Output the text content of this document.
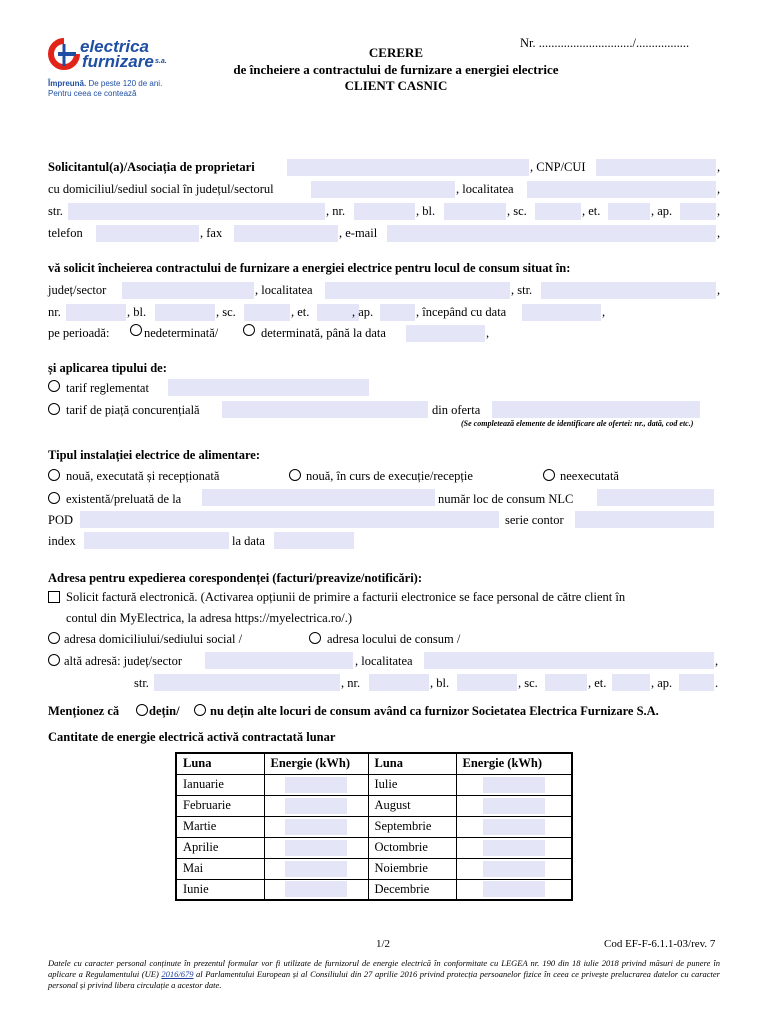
electrica
furnizare s.a.
Împreună. De peste 120 de ani.
Pentru ceea ce contează
Nr. ............................../.................
CERERE
de încheiere a contractului de furnizare a energiei electrice
CLIENT CASNIC
Solicitantul(a)/Asociația de proprietari	, CNP/CUI	,
cu domiciliul/sediul social în județul/sectorul	, localitatea	,
str.	, nr.	, bl.	, sc.	, et.	, ap.	,
telefon	, fax	, e-mail	,
vă solicit încheierea contractului de furnizare a energiei electrice pentru locul de consum situat în:
județ/sector	, localitatea	, str.	,
nr.	, bl.	, sc.	, et.	, ap.	, începând cu data	,
pe perioadă:	nedeterminată/	determinată, până la data	,
și aplicarea tipului de:
tarif reglementat
tarif de piață concurențială	din oferta
(Se completează elemente de identificare ale ofertei: nr., dată, cod etc.)
Tipul instalației electrice de alimentare:
nouă, executată și recepționată	nouă, în curs de execuție/recepție	neexecutată
existentă/preluată de la	număr loc de consum NLC
POD	serie contor
index	la data
Adresa pentru expedierea corespondenței (facturi/preavize/notificări):
Solicit factură electronică. (Activarea opțiunii de primire a facturii electronice se face personal de către client în
contul din MyElectrica, la adresa https://myelectrica.ro/.)
adresa domiciliului/sediului social /	adresa locului de consum /
altă adresă: județ/sector	, localitatea	,
str.	, nr.	, bl.	, sc.	, et.	, ap.	.
Menționez că dețin/ nu dețin alte locuri de consum având ca furnizor Societatea Electrica Furnizare S.A.
Cantitate de energie electrică activă contractată lunar
Luna	Energie (kWh)	Luna	Energie (kWh)
Ianuarie		Iulie	

Februarie		August	

Martie		Septembrie	

Aprilie		Octombrie	

Mai		Noiembrie	

Iunie		Decembrie	
1/2	Cod EF-F-6.1.1-03/rev. 7
Datele cu caracter personal conținute în prezentul formular vor fi utilizate de furnizorul de energie electrică în conformitate cu LEGEA nr. 190 din 18 iulie 2018 privind măsuri de punere în aplicare a Regulamentului (UE) 2016/679 al Parlamentului European și al Consiliului din 27 aprilie 2016 privind protecția persoanelor fizice în ceea ce privește prelucrarea datelor cu caracter personal și privind libera circulație a acestor date.
